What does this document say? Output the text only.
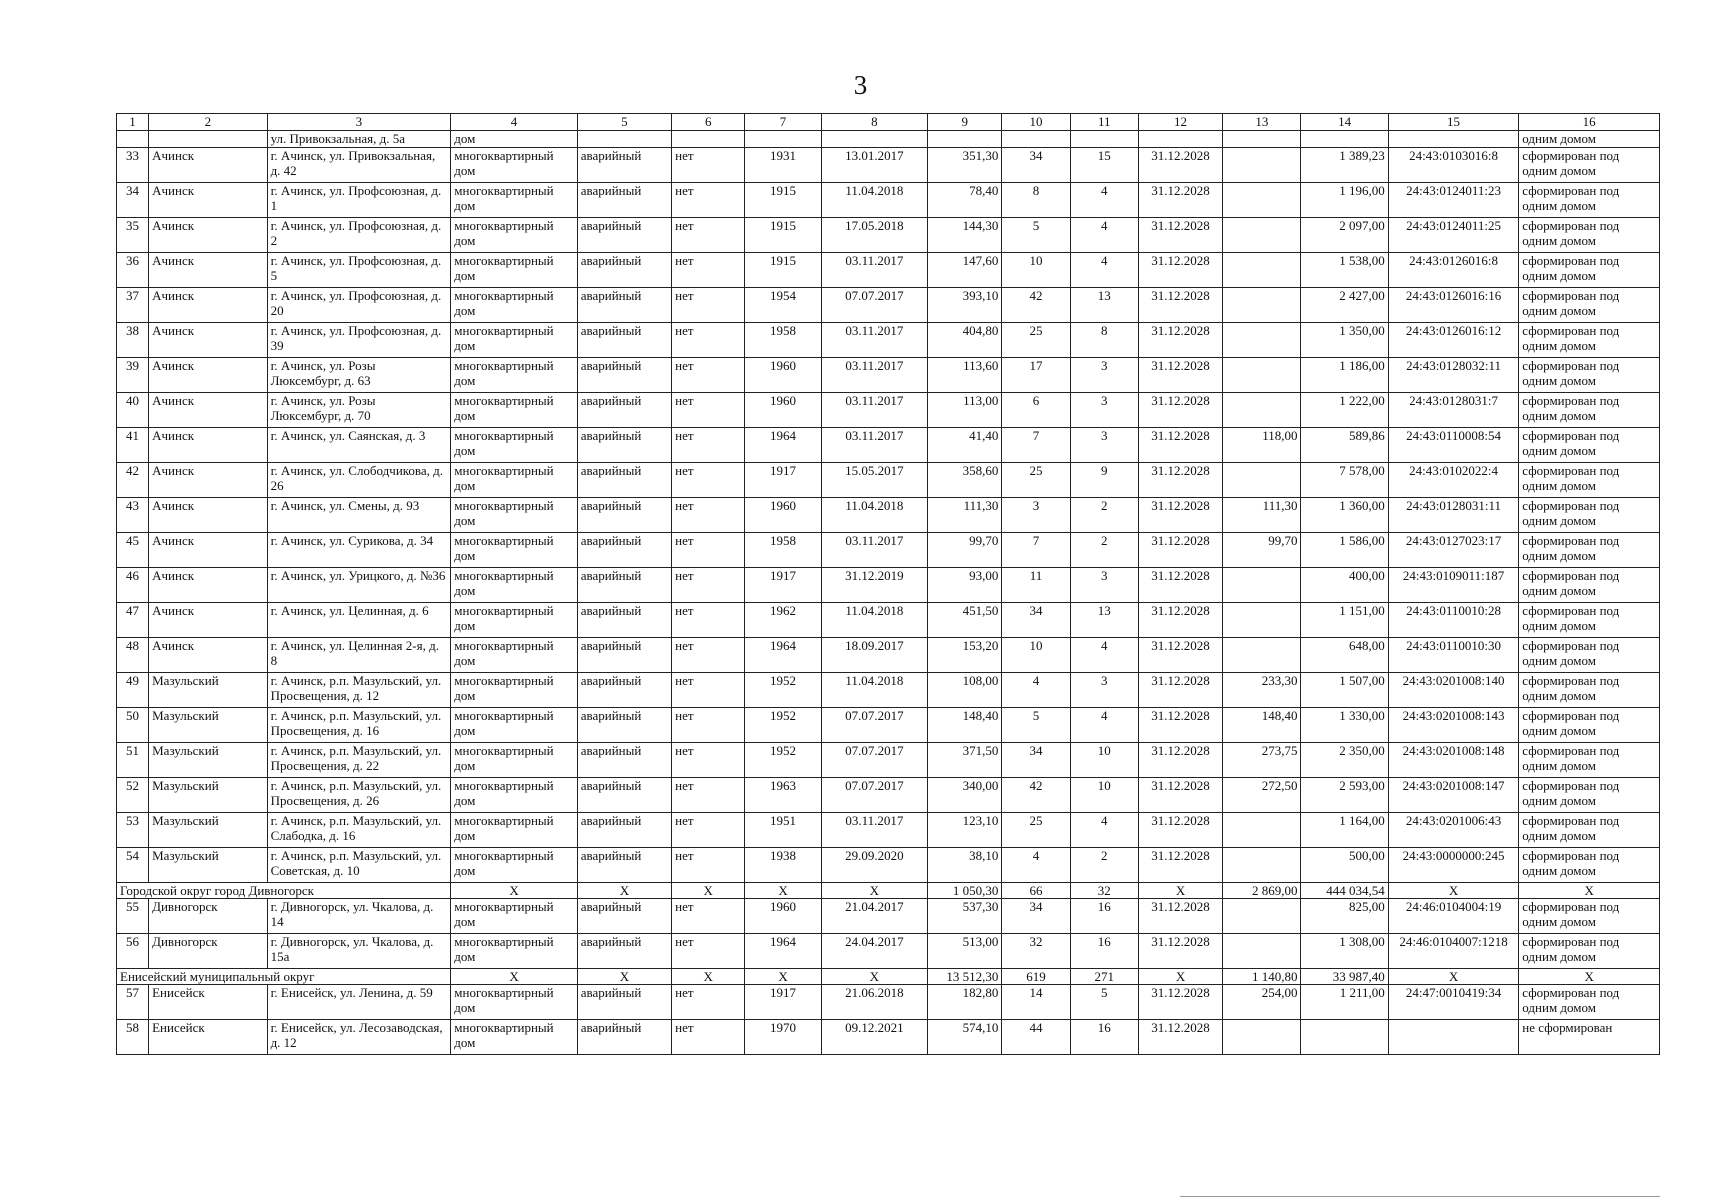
3
1	2	3	4	5	6	7	8	9	10	11	12	13	14	15	16
		ул. Привокзальная, д. 5а	дом												одним домом
33	Ачинск	г. Ачинск, ул. Привокзальная, д. 42	многоквартирный дом	аварийный	нет	1931	13.01.2017	351,30	34	15	31.12.2028		1 389,23	24:43:0103016:8	сформирован под одним домом
34	Ачинск	г. Ачинск, ул. Профсоюзная, д. 1	многоквартирный дом	аварийный	нет	1915	11.04.2018	78,40	8	4	31.12.2028		1 196,00	24:43:0124011:23	сформирован под одним домом
35	Ачинск	г. Ачинск, ул. Профсоюзная, д. 2	многоквартирный дом	аварийный	нет	1915	17.05.2018	144,30	5	4	31.12.2028		2 097,00	24:43:0124011:25	сформирован под одним домом
36	Ачинск	г. Ачинск, ул. Профсоюзная, д. 5	многоквартирный дом	аварийный	нет	1915	03.11.2017	147,60	10	4	31.12.2028		1 538,00	24:43:0126016:8	сформирован под одним домом
37	Ачинск	г. Ачинск, ул. Профсоюзная, д. 20	многоквартирный дом	аварийный	нет	1954	07.07.2017	393,10	42	13	31.12.2028		2 427,00	24:43:0126016:16	сформирован под одним домом
38	Ачинск	г. Ачинск, ул. Профсоюзная, д. 39	многоквартирный дом	аварийный	нет	1958	03.11.2017	404,80	25	8	31.12.2028		1 350,00	24:43:0126016:12	сформирован под одним домом
39	Ачинск	г. Ачинск, ул. Розы Люксембург, д. 63	многоквартирный дом	аварийный	нет	1960	03.11.2017	113,60	17	3	31.12.2028		1 186,00	24:43:0128032:11	сформирован под одним домом
40	Ачинск	г. Ачинск, ул. Розы Люксембург, д. 70	многоквартирный дом	аварийный	нет	1960	03.11.2017	113,00	6	3	31.12.2028		1 222,00	24:43:0128031:7	сформирован под одним домом
41	Ачинск	г. Ачинск, ул. Саянская, д. 3	многоквартирный дом	аварийный	нет	1964	03.11.2017	41,40	7	3	31.12.2028	118,00	589,86	24:43:0110008:54	сформирован под одним домом
42	Ачинск	г. Ачинск, ул. Слободчикова, д. 26	многоквартирный дом	аварийный	нет	1917	15.05.2017	358,60	25	9	31.12.2028		7 578,00	24:43:0102022:4	сформирован под одним домом
43	Ачинск	г. Ачинск, ул. Смены, д. 93	многоквартирный дом	аварийный	нет	1960	11.04.2018	111,30	3	2	31.12.2028	111,30	1 360,00	24:43:0128031:11	сформирован под одним домом
45	Ачинск	г. Ачинск, ул. Сурикова, д. 34	многоквартирный дом	аварийный	нет	1958	03.11.2017	99,70	7	2	31.12.2028	99,70	1 586,00	24:43:0127023:17	сформирован под одним домом
46	Ачинск	г. Ачинск, ул. Урицкого, д. №36	многоквартирный дом	аварийный	нет	1917	31.12.2019	93,00	11	3	31.12.2028		400,00	24:43:0109011:187	сформирован под одним домом
47	Ачинск	г. Ачинск, ул. Целинная, д. 6	многоквартирный дом	аварийный	нет	1962	11.04.2018	451,50	34	13	31.12.2028		1 151,00	24:43:0110010:28	сформирован под одним домом
48	Ачинск	г. Ачинск, ул. Целинная 2-я, д. 8	многоквартирный дом	аварийный	нет	1964	18.09.2017	153,20	10	4	31.12.2028		648,00	24:43:0110010:30	сформирован под одним домом
49	Мазульский	г. Ачинск, р.п. Мазульский, ул. Просвещения, д. 12	многоквартирный дом	аварийный	нет	1952	11.04.2018	108,00	4	3	31.12.2028	233,30	1 507,00	24:43:0201008:140	сформирован под одним домом
50	Мазульский	г. Ачинск, р.п. Мазульский, ул. Просвещения, д. 16	многоквартирный дом	аварийный	нет	1952	07.07.2017	148,40	5	4	31.12.2028	148,40	1 330,00	24:43:0201008:143	сформирован под одним домом
51	Мазульский	г. Ачинск, р.п. Мазульский, ул. Просвещения, д. 22	многоквартирный дом	аварийный	нет	1952	07.07.2017	371,50	34	10	31.12.2028	273,75	2 350,00	24:43:0201008:148	сформирован под одним домом
52	Мазульский	г. Ачинск, р.п. Мазульский, ул. Просвещения, д. 26	многоквартирный дом	аварийный	нет	1963	07.07.2017	340,00	42	10	31.12.2028	272,50	2 593,00	24:43:0201008:147	сформирован под одним домом
53	Мазульский	г. Ачинск, р.п. Мазульский, ул. Слабодка, д. 16	многоквартирный дом	аварийный	нет	1951	03.11.2017	123,10	25	4	31.12.2028		1 164,00	24:43:0201006:43	сформирован под одним домом
54	Мазульский	г. Ачинск, р.п. Мазульский, ул. Советская, д. 10	многоквартирный дом	аварийный	нет	1938	29.09.2020	38,10	4	2	31.12.2028		500,00	24:43:0000000:245	сформирован под одним домом
Городской округ город Дивногорск			Х	Х	Х	Х	Х	1 050,30	66	32	Х	2 869,00	444 034,54	Х	Х
55	Дивногорск	г. Дивногорск, ул. Чкалова, д. 14	многоквартирный дом	аварийный	нет	1960	21.04.2017	537,30	34	16	31.12.2028		825,00	24:46:0104004:19	сформирован под одним домом
56	Дивногорск	г. Дивногорск, ул. Чкалова, д. 15а	многоквартирный дом	аварийный	нет	1964	24.04.2017	513,00	32	16	31.12.2028		1 308,00	24:46:0104007:1218	сформирован под одним домом
Енисейский муниципальный округ			Х	Х	Х	Х	Х	13 512,30	619	271	Х	1 140,80	33 987,40	Х	Х
57	Енисейск	г. Енисейск, ул. Ленина, д. 59	многоквартирный дом	аварийный	нет	1917	21.06.2018	182,80	14	5	31.12.2028	254,00	1 211,00	24:47:0010419:34	сформирован под одним домом
58	Енисейск	г. Енисейск, ул. Лесозаводская, д. 12	многоквартирный дом	аварийный	нет	1970	09.12.2021	574,10	44	16	31.12.2028				не сформирован
